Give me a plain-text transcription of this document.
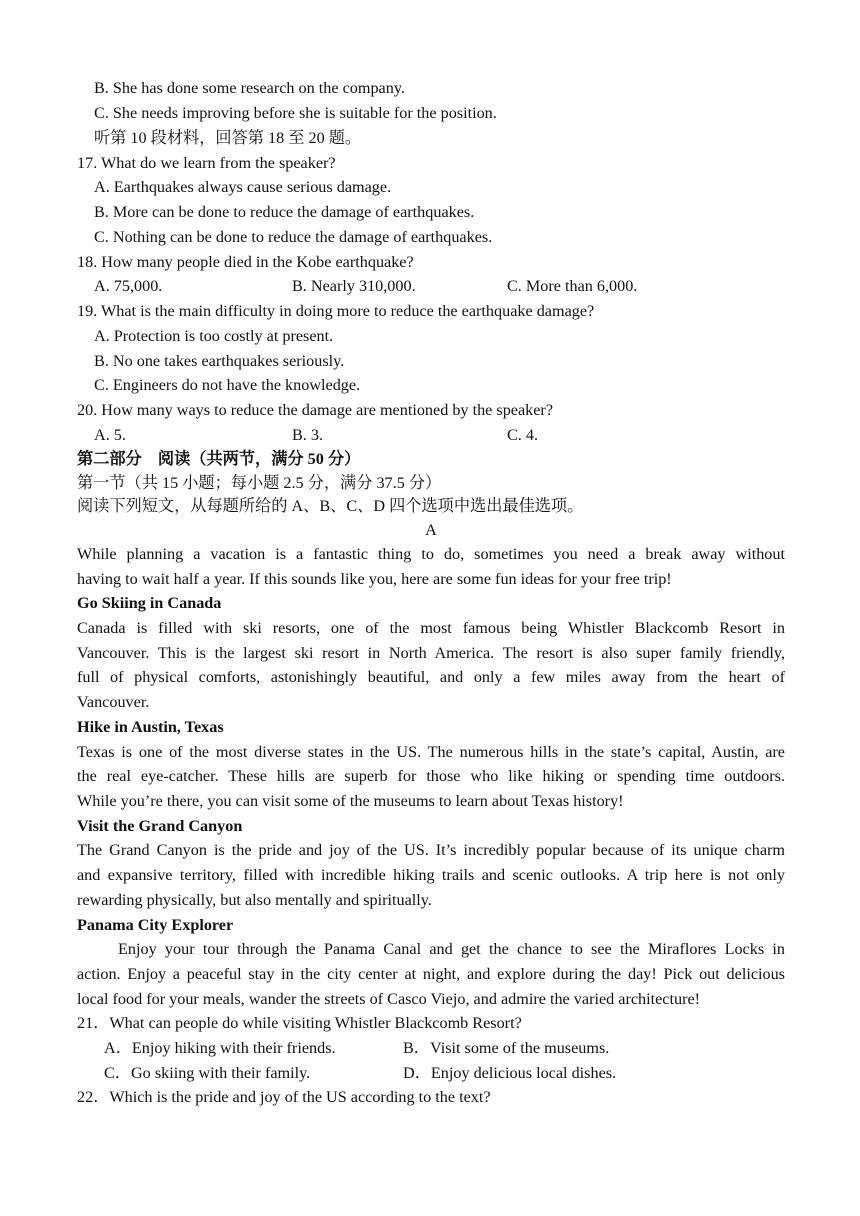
B. She has done some research on the company.
C. She needs improving before she is suitable for the position.
听第 10 段材料，回答第 18 至 20 题。
17. What do we learn from the speaker?
A. Earthquakes always cause serious damage.
B. More can be done to reduce the damage of earthquakes.
C. Nothing can be done to reduce the damage of earthquakes.
18. How many people died in the Kobe earthquake?
A. 75,000.	B. Nearly 310,000.	C. More than 6,000.
19. What is the main difficulty in doing more to reduce the earthquake damage?
A. Protection is too costly at present.
B. No one takes earthquakes seriously.
C. Engineers do not have the knowledge.
20. How many ways to reduce the damage are mentioned by the speaker?
A. 5.	B. 3.	C. 4.
第二部分　阅读（共两节，满分 50 分）
第一节（共 15 小题；每小题 2.5 分，满分 37.5 分）
阅读下列短文，从每题所给的 A、B、C、D 四个选项中选出最佳选项。
A
While planning a vacation is a fantastic thing to do, sometimes you need a break away without
having to wait half a year. If this sounds like you, here are some fun ideas for your free trip!
Go Skiing in Canada
Canada is filled with ski resorts, one of the most famous being Whistler Blackcomb Resort in
Vancouver. This is the largest ski resort in North America. The resort is also super family friendly,
full of physical comforts, astonishingly beautiful, and only a few miles away from the heart of
Vancouver.
Hike in Austin, Texas
Texas is one of the most diverse states in the US. The numerous hills in the state’s capital, Austin, are
the real eye-catcher. These hills are superb for those who like hiking or spending time outdoors.
While you’re there, you can visit some of the museums to learn about Texas history!
Visit the Grand Canyon
The Grand Canyon is the pride and joy of the US. It’s incredibly popular because of its unique charm
and expansive territory, filled with incredible hiking trails and scenic outlooks. A trip here is not only
rewarding physically, but also mentally and spiritually.
Panama City Explorer
Enjoy your tour through the Panama Canal and get the chance to see the Miraflores Locks in
action. Enjoy a peaceful stay in the city center at night, and explore during the day! Pick out delicious
local food for your meals, wander the streets of Casco Viejo, and admire the varied architecture!
21．What can people do while visiting Whistler Blackcomb Resort?
A．Enjoy hiking with their friends.	B．Visit some of the museums.
C．Go skiing with their family.	D．Enjoy delicious local dishes.
22．Which is the pride and joy of the US according to the text?
